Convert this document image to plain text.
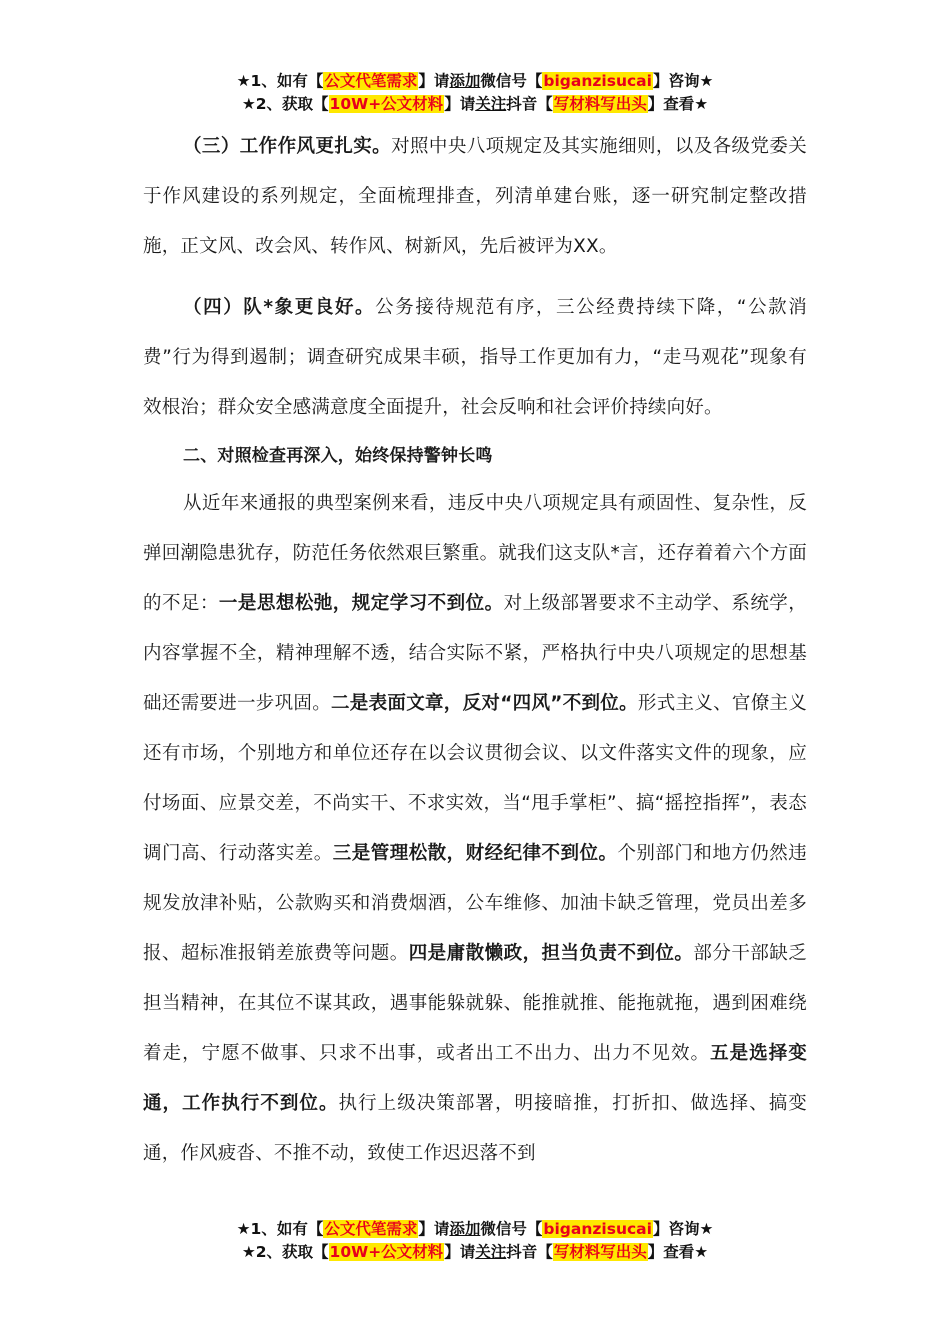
★1、如有【公文代笔需求】请添加微信号【biganzisucai】咨询★
★2、获取【10W+公文材料】请关注抖音【写材料写出头】查看★

（三）工作作风更扎实。对照中央八项规定及其实施细则，以及各级党委关于作风建设的系列规定，全面梳理排查，列清单建台账，逐一研究制定整改措施，正文风、改会风、转作风、树新风，先后被评为XX。

（四）队*象更良好。公务接待规范有序，三公经费持续下降，“公款消费”行为得到遏制；调查研究成果丰硕，指导工作更加有力，“走马观花”现象有效根治；群众安全感满意度全面提升，社会反响和社会评价持续向好。

二、对照检查再深入，始终保持警钟长鸣

从近年来通报的典型案例来看，违反中央八项规定具有顽固性、复杂性，反弹回潮隐患犹存，防范任务依然艰巨繁重。就我们这支队*言，还存着着六个方面的不足：一是思想松弛，规定学习不到位。对上级部署要求不主动学、系统学，内容掌握不全，精神理解不透，结合实际不紧，严格执行中央八项规定的思想基础还需要进一步巩固。二是表面文章，反对“四风”不到位。形式主义、官僚主义还有市场，个别地方和单位还存在以会议贯彻会议、以文件落实文件的现象，应付场面、应景交差，不尚实干、不求实效，当“甩手掌柜”、搞“摇控指挥”，表态调门高、行动落实差。三是管理松散，财经纪律不到位。个别部门和地方仍然违规发放津补贴，公款购买和消费烟酒，公车维修、加油卡缺乏管理，党员出差多报、超标准报销差旅费等问题。四是庸散懒政，担当负责不到位。部分干部缺乏担当精神，在其位不谋其政，遇事能躲就躲、能推就推、能拖就拖，遇到困难绕着走，宁愿不做事、只求不出事，或者出工不出力、出力不见效。五是选择变通，工作执行不到位。执行上级决策部署，明接暗推，打折扣、做选择、搞变通，作风疲沓、不推不动，致使工作迟迟落不到

★1、如有【公文代笔需求】请添加微信号【biganzisucai】咨询★
★2、获取【10W+公文材料】请关注抖音【写材料写出头】查看★
